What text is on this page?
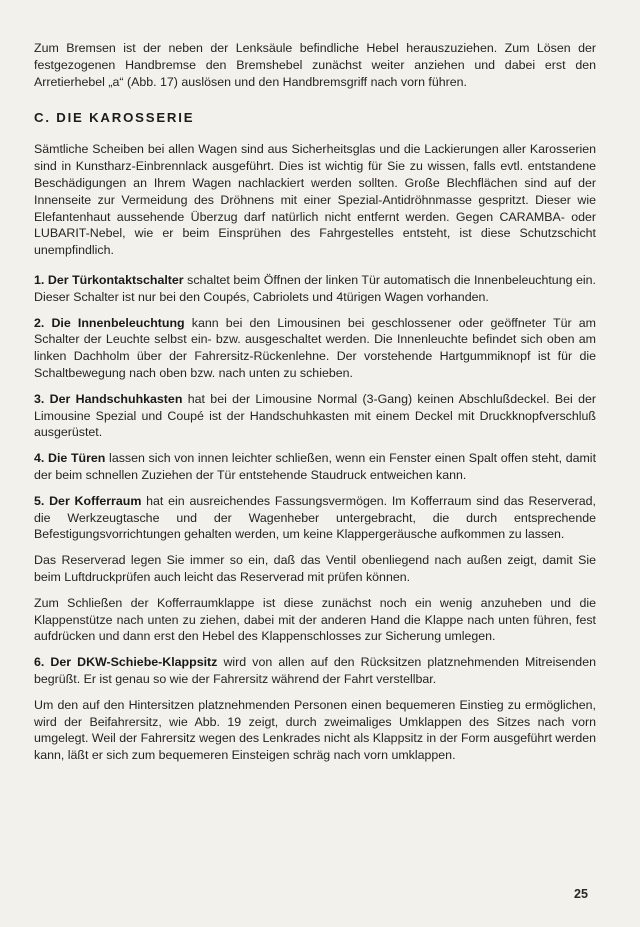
Zum Bremsen ist der neben der Lenksäule befindliche Hebel herauszuziehen. Zum Lösen der festgezogenen Handbremse den Bremshebel zunächst weiter anziehen und dabei erst den Arretierhebel „a“ (Abb. 17) auslösen und den Handbremsgriff nach vorn führen.

C. DIE KAROSSERIE

Sämtliche Scheiben bei allen Wagen sind aus Sicherheitsglas und die Lackierungen aller Karosserien sind in Kunstharz-Einbrennlack ausgeführt. Dies ist wichtig für Sie zu wissen, falls evtl. entstandene Beschädigungen an Ihrem Wagen nachlackiert werden sollten. Große Blechflächen sind auf der Innenseite zur Vermeidung des Dröhnens mit einer Spezial-Antidröhnmasse gespritzt. Dieser wie Elefantenhaut aussehende Überzug darf natürlich nicht entfernt werden. Gegen CARAMBA- oder LUBARIT-Nebel, wie er beim Einsprühen des Fahrgestelles entsteht, ist diese Schutzschicht unempfindlich.

1. Der Türkontaktschalter schaltet beim Öffnen der linken Tür automatisch die Innenbeleuchtung ein. Dieser Schalter ist nur bei den Coupés, Cabriolets und 4türigen Wagen vorhanden.

2. Die Innenbeleuchtung kann bei den Limousinen bei geschlossener oder geöffneter Tür am Schalter der Leuchte selbst ein- bzw. ausgeschaltet werden. Die Innenleuchte befindet sich oben am linken Dachholm über der Fahrersitz-Rückenlehne. Der vorstehende Hartgummiknopf ist für die Schaltbewegung nach oben bzw. nach unten zu schieben.

3. Der Handschuhkasten hat bei der Limousine Normal (3-Gang) keinen Abschlußdeckel. Bei der Limousine Spezial und Coupé ist der Handschuhkasten mit einem Deckel mit Druckknopfverschluß ausgerüstet.

4. Die Türen lassen sich von innen leichter schließen, wenn ein Fenster einen Spalt offen steht, damit der beim schnellen Zuziehen der Tür entstehende Staudruck entweichen kann.

5. Der Kofferraum hat ein ausreichendes Fassungsvermögen. Im Kofferraum sind das Reserverad, die Werkzeugtasche und der Wagenheber untergebracht, die durch entsprechende Befestigungsvorrichtungen gehalten werden, um keine Klappergeräusche aufkommen zu lassen.

Das Reserverad legen Sie immer so ein, daß das Ventil obenliegend nach außen zeigt, damit Sie beim Luftdruckprüfen auch leicht das Reserverad mit prüfen können.

Zum Schließen der Kofferraumklappe ist diese zunächst noch ein wenig anzuheben und die Klappenstütze nach unten zu ziehen, dabei mit der anderen Hand die Klappe nach unten führen, fest aufdrücken und dann erst den Hebel des Klappenschlosses zur Sicherung umlegen.

6. Der DKW-Schiebe-Klappsitz wird von allen auf den Rücksitzen platznehmenden Mitreisenden begrüßt. Er ist genau so wie der Fahrersitz während der Fahrt verstellbar.

Um den auf den Hintersitzen platznehmenden Personen einen bequemeren Einstieg zu ermöglichen, wird der Beifahrersitz, wie Abb. 19 zeigt, durch zweimaliges Umklappen des Sitzes nach vorn umgelegt. Weil der Fahrersitz wegen des Lenkrades nicht als Klappsitz in der Form ausgeführt werden kann, läßt er sich zum bequemeren Einsteigen schräg nach vorn umklappen.

25
